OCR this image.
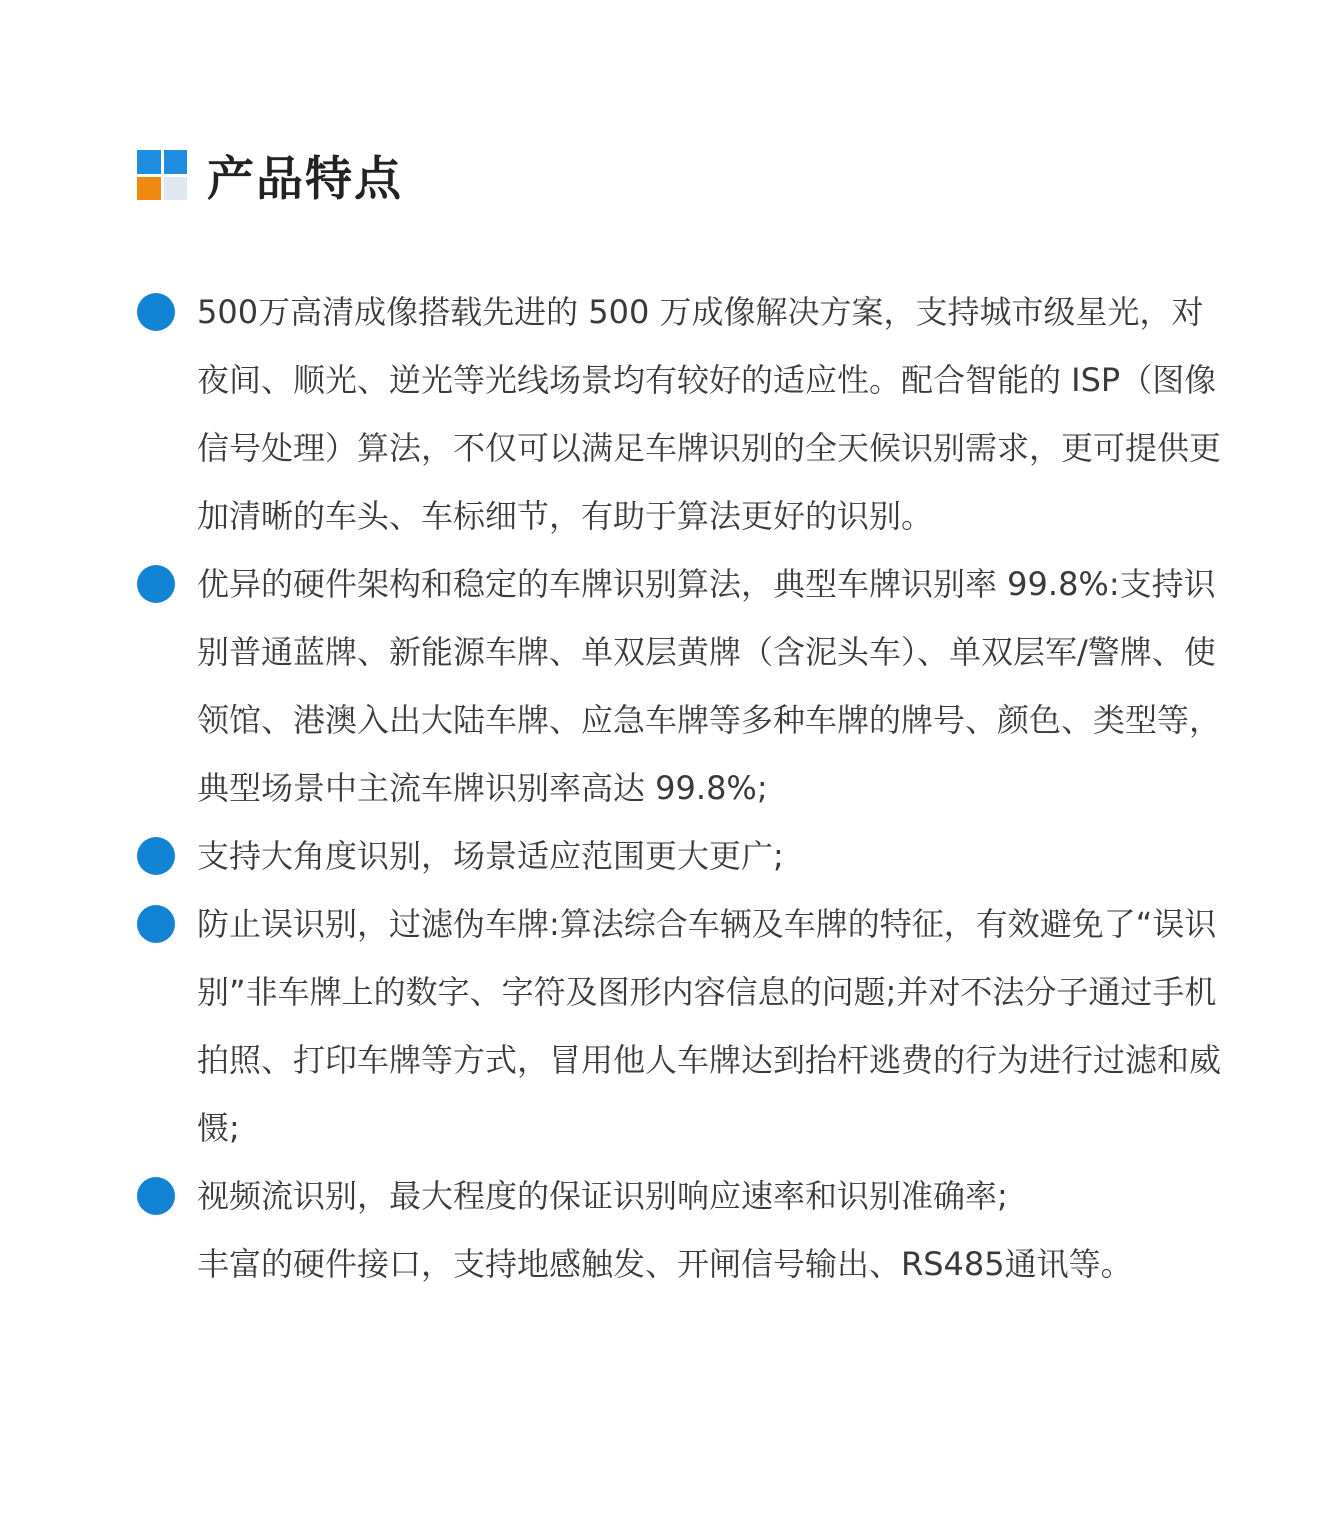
产品特点
500万高清成像搭载先进的 500 万成像解决方案，支持城市级星光，对夜间、顺光、逆光等光线场景均有较好的适应性。配合智能的 ISP（图像信号处理）算法，不仅可以满足车牌识别的全天候识别需求，更可提供更加清晰的车头、车标细节，有助于算法更好的识别。
优异的硬件架构和稳定的车牌识别算法，典型车牌识别率 99.8%:支持识别普通蓝牌、新能源车牌、单双层黄牌（含泥头车）、单双层军/警牌、使领馆、港澳入出大陆车牌、应急车牌等多种车牌的牌号、颜色、类型等，典型场景中主流车牌识别率高达 99.8%;
支持大角度识别，场景适应范围更大更广;
防止误识别，过滤伪车牌:算法综合车辆及车牌的特征，有效避免了“误识别”非车牌上的数字、字符及图形内容信息的问题;并对不法分子通过手机拍照、打印车牌等方式，冒用他人车牌达到抬杆逃费的行为进行过滤和威慑;
视频流识别，最大程度的保证识别响应速率和识别准确率;
丰富的硬件接口，支持地感触发、开闸信号输出、RS485通讯等。
